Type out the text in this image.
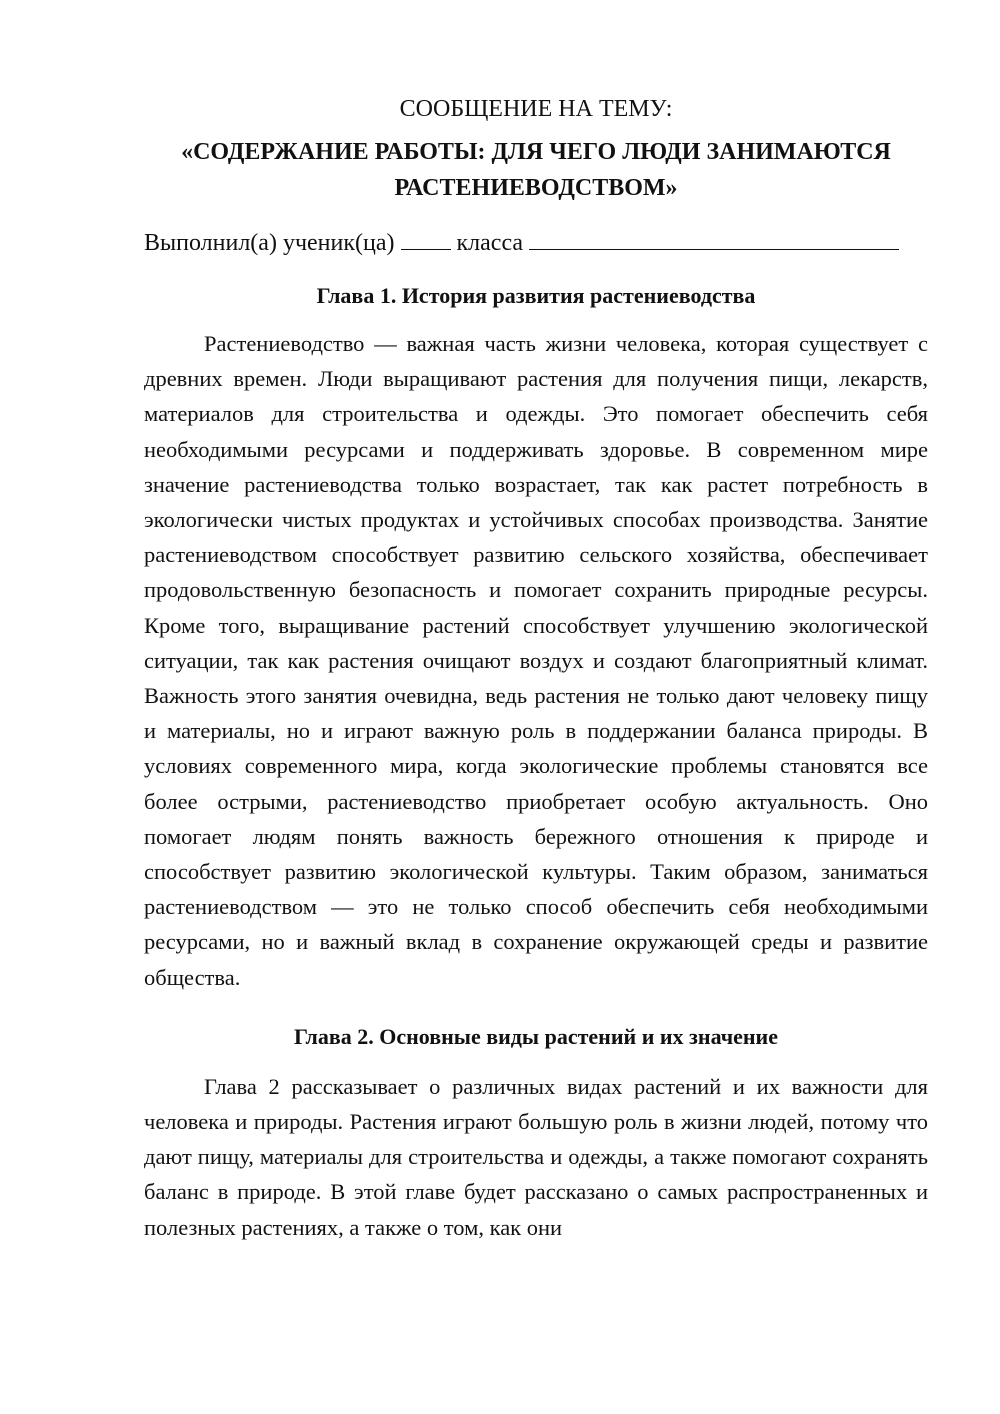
СООБЩЕНИЕ НА ТЕМУ:

«СОДЕРЖАНИЕ РАБОТЫ: ДЛЯ ЧЕГО ЛЮДИ ЗАНИМАЮТСЯ РАСТЕНИЕВОДСТВОМ»

Выполнил(а) ученик(ца)	класса

Глава 1. История развития растениеводства

Растениеводство — важная часть жизни человека, которая существует с древних времен. Люди выращивают растения для получения пищи, лекарств, материалов для строительства и одежды. Это помогает обеспечить себя необходимыми ресурсами и поддерживать здоровье. В современном мире значение растениеводства только возрастает, так как растет потребность в экологически чистых продуктах и устойчивых способах производства. Занятие растениеводством способствует развитию сельского хозяйства, обеспечивает продовольственную безопасность и помогает сохранить природные ресурсы. Кроме того, выращивание растений способствует улучшению экологической ситуации, так как растения очищают воздух и создают благоприятный климат. Важность этого занятия очевидна, ведь растения не только дают человеку пищу и материалы, но и играют важную роль в поддержании баланса природы. В условиях современного мира, когда экологические проблемы становятся все более острыми, растениеводство приобретает особую актуальность. Оно помогает людям понять важность бережного отношения к природе и способствует развитию экологической культуры. Таким образом, заниматься растениеводством — это не только способ обеспечить себя необходимыми ресурсами, но и важный вклад в сохранение окружающей среды и развитие общества.

Глава 2. Основные виды растений и их значение

Глава 2 рассказывает о различных видах растений и их важности для человека и природы. Растения играют большую роль в жизни людей, потому что дают пищу, материалы для строительства и одежды, а также помогают сохранять баланс в природе. В этой главе будет рассказано о самых распространенных и полезных растениях, а также о том, как они
